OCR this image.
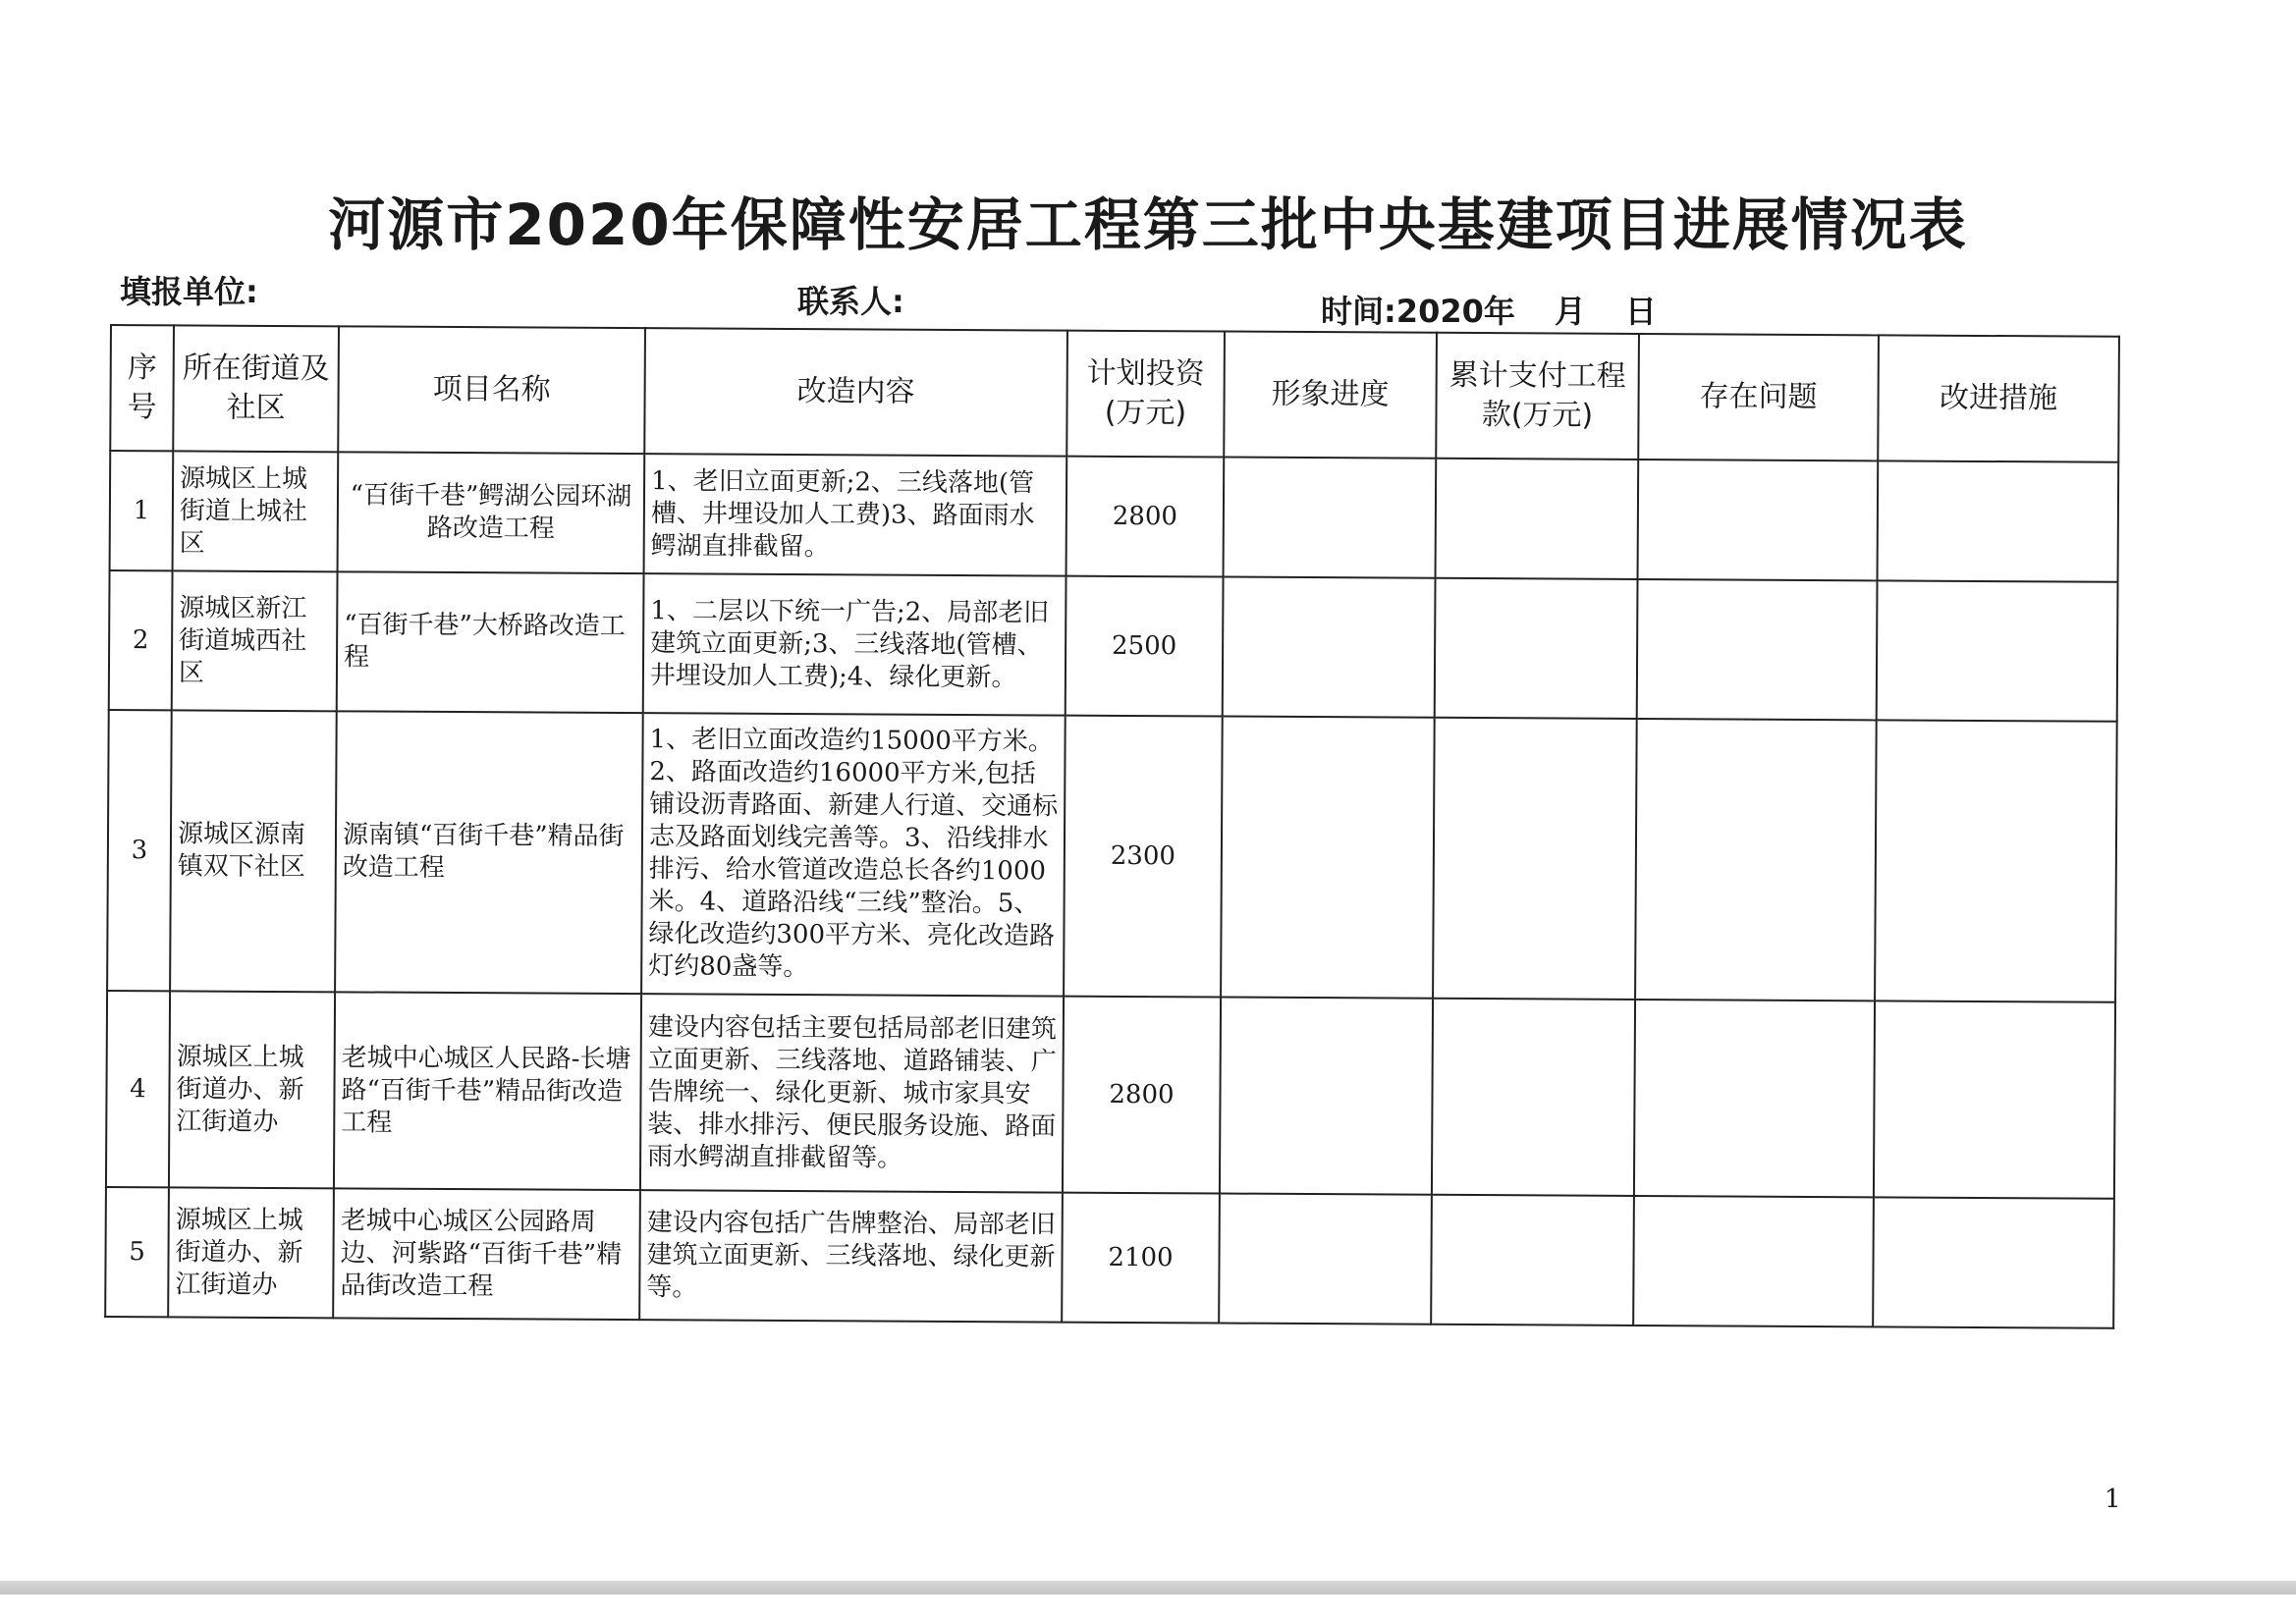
河源市2020年保障性安居工程第三批中央基建项目进展情况表
填报单位:	联系人:	时间:2020年 月 日
序号	所在街道及社区	项目名称	改造内容	计划投资(万元)	形象进度	累计支付工程款(万元)	存在问题	改进措施
1	源城区上城街道上城社区	“百街千巷”鳄湖公园环湖路改造工程	1、老旧立面更新;2、三线落地(管槽、井埋设加人工费)3、路面雨水鳄湖直排截留。	2800				
2	源城区新江街道城西社区	“百街千巷”大桥路改造工程	1、二层以下统一广告;2、局部老旧建筑立面更新;3、三线落地(管槽、井埋设加人工费);4、绿化更新。	2500				
3	源城区源南镇双下社区	源南镇“百街千巷”精品街改造工程	1、老旧立面改造约15000平方米。2、路面改造约16000平方米,包括铺设沥青路面、新建人行道、交通标志及路面划线完善等。3、沿线排水排污、给水管道改造总长各约1000米。4、道路沿线“三线”整治。5、绿化改造约300平方米、亮化改造路灯约80盏等。	2300				
4	源城区上城街道办、新江街道办	老城中心城区人民路-长塘路“百街千巷”精品街改造工程	建设内容包括主要包括局部老旧建筑立面更新、三线落地、道路铺装、广告牌统一、绿化更新、城市家具安装、排水排污、便民服务设施、路面雨水鳄湖直排截留等。	2800				
5	源城区上城街道办、新江街道办	老城中心城区公园路周边、河紫路“百街千巷”精品街改造工程	建设内容包括广告牌整治、局部老旧建筑立面更新、三线落地、绿化更新等。	2100				
1
